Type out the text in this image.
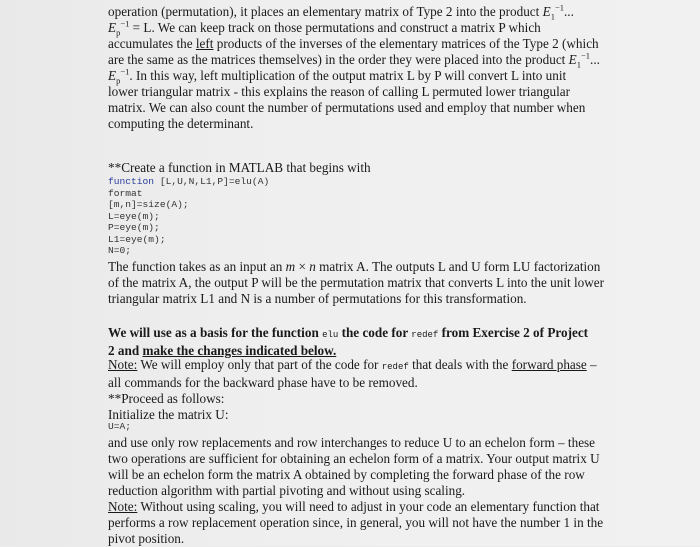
operation (permutation), it places an elementary matrix of Type 2 into the product $E_1^{-1}$...

$E_p^{-1} = L$. We can keep track on those permutations and construct a matrix P which

accumulates the left products of the inverses of the elementary matrices of the Type 2 (which

are the same as the matrices themselves) in the order they were placed into the product $E_1^{-1}$...

$E_p^{-1}$. In this way, left multiplication of the output matrix L by P will convert L into unit

lower triangular matrix - this explains the reason of calling L permuted lower triangular

matrix. We can also count the number of permutations used and employ that number when

computing the determinant.

**Create a function in MATLAB that begins with

function [L,U,N,L1,P]=elu(A)
format
[m,n]=size(A);
L=eye(m);
P=eye(m);
L1=eye(m);
N=0;

The function takes as an input an m × n matrix A. The outputs L and U form LU factorization

of the matrix A, the output P will be the permutation matrix that converts L into the unit lower

triangular matrix L1 and N is a number of permutations for this transformation.

We will use as a basis for the function elu the code for redef from Exercise 2 of Project

2 and make the changes indicated below.

Note: We will employ only that part of the code for redef that deals with the forward phase –

all commands for the backward phase have to be removed.

**Proceed as follows:

Initialize the matrix U:

U=A;

and use only row replacements and row interchanges to reduce U to an echelon form – these

two operations are sufficient for obtaining an echelon form of a matrix. Your output matrix U

will be an echelon form the matrix A obtained by completing the forward phase of the row

reduction algorithm with partial pivoting and without using scaling.

Note: Without using scaling, you will need to adjust in your code an elementary function that

performs a row replacement operation since, in general, you will not have the number 1 in the

pivot position.
